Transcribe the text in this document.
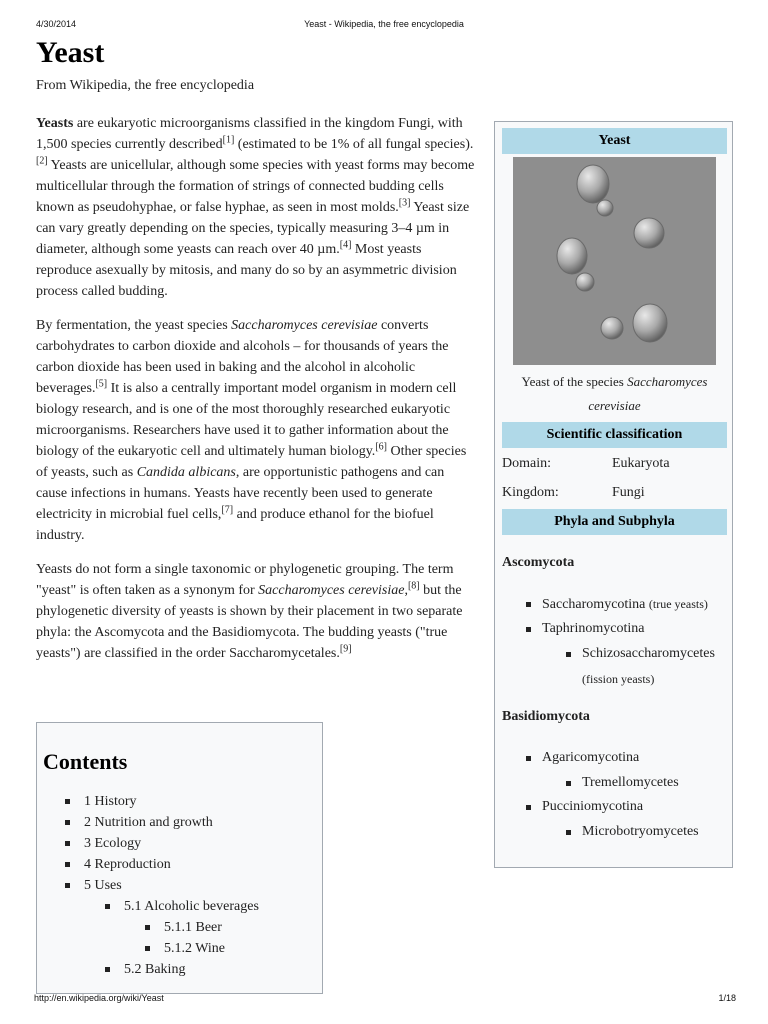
4/30/2014	Yeast - Wikipedia, the free encyclopedia
Yeast
From Wikipedia, the free encyclopedia

Yeasts are eukaryotic microorganisms classified in the kingdom Fungi, with 1,500 species currently described[1] (estimated to be 1% of all fungal species).[2] Yeasts are unicellular, although some species with yeast forms may become multicellular through the formation of strings of connected budding cells known as pseudohyphae, or false hyphae, as seen in most molds.[3] Yeast size can vary greatly depending on the species, typically measuring 3–4 µm in diameter, although some yeasts can reach over 40 µm.[4] Most yeasts reproduce asexually by mitosis, and many do so by an asymmetric division process called budding.

By fermentation, the yeast species Saccharomyces cerevisiae converts carbohydrates to carbon dioxide and alcohols – for thousands of years the carbon dioxide has been used in baking and the alcohol in alcoholic beverages.[5] It is also a centrally important model organism in modern cell biology research, and is one of the most thoroughly researched eukaryotic microorganisms. Researchers have used it to gather information about the biology of the eukaryotic cell and ultimately human biology.[6] Other species of yeasts, such as Candida albicans, are opportunistic pathogens and can cause infections in humans. Yeasts have recently been used to generate electricity in microbial fuel cells,[7] and produce ethanol for the biofuel industry.

Yeasts do not form a single taxonomic or phylogenetic grouping. The term "yeast" is often taken as a synonym for Saccharomyces cerevisiae,[8] but the phylogenetic diversity of yeasts is shown by their placement in two separate phyla: the Ascomycota and the Basidiomycota. The budding yeasts ("true yeasts") are classified in the order Saccharomycetales.[9]

Contents
1 History
2 Nutrition and growth
3 Ecology
4 Reproduction
5 Uses
5.1 Alcoholic beverages
5.1.1 Beer
5.1.2 Wine
5.2 Baking
Yeast
Yeast of the species Saccharomyces cerevisiae
Scientific classification
Domain:	Eukaryota
Kingdom:	Fungi
Phyla and Subphyla
Ascomycota
Saccharomycotina (true yeasts)
Taphrinomycotina
Schizosaccharomycetes
(fission yeasts)
Basidiomycota
Agaricomycotina
Tremellomycetes
Pucciniomycotina
Microbotryomycetes
http://en.wikipedia.org/wiki/Yeast	1/18
